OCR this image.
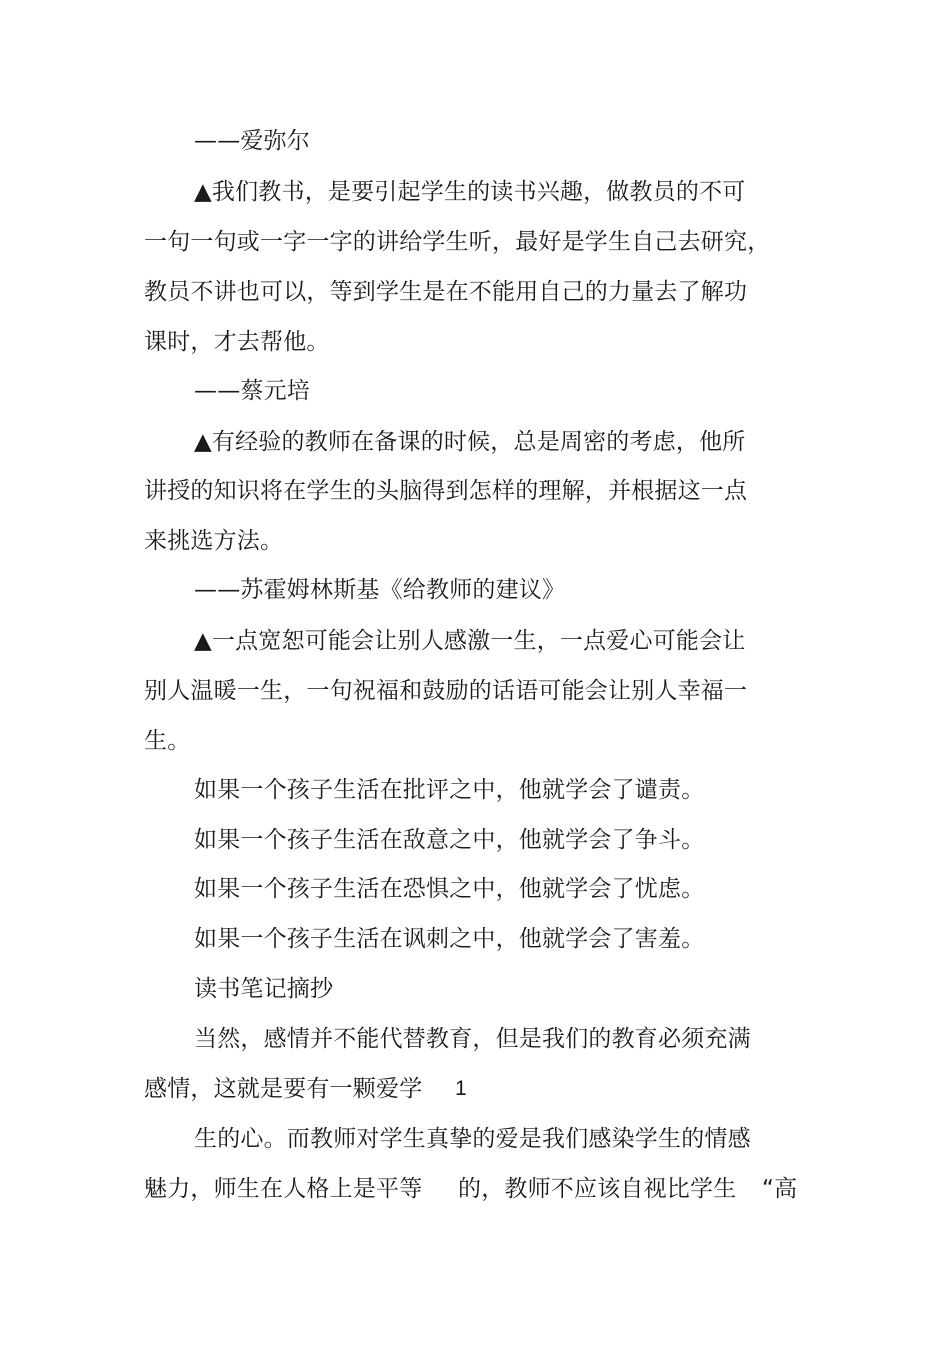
——爱弥尔
▲我们教书，是要引起学生的读书兴趣，做教员的不可
一句一句或一字一字的讲给学生听，最好是学生自己去研究，
教员不讲也可以，等到学生是在不能用自己的力量去了解功
课时，才去帮他。
——蔡元培
▲有经验的教师在备课的时候，总是周密的考虑，他所
讲授的知识将在学生的头脑得到怎样的理解，并根据这一点
来挑选方法。
——苏霍姆林斯基《给教师的建议》
▲一点宽恕可能会让别人感激一生，一点爱心可能会让
别人温暖一生，一句祝福和鼓励的话语可能会让别人幸福一
生。
如果一个孩子生活在批评之中，他就学会了谴责。
如果一个孩子生活在敌意之中，他就学会了争斗。
如果一个孩子生活在恐惧之中，他就学会了忧虑。
如果一个孩子生活在讽刺之中，他就学会了害羞。
读书笔记摘抄
当然，感情并不能代替教育，但是我们的教育必须充满
感情，这就是要有一颗爱学 1
生的心。而教师对学生真挚的爱是我们感染学生的情感
魅力，师生在人格上是平等 的，教师不应该自视比学生 “高
